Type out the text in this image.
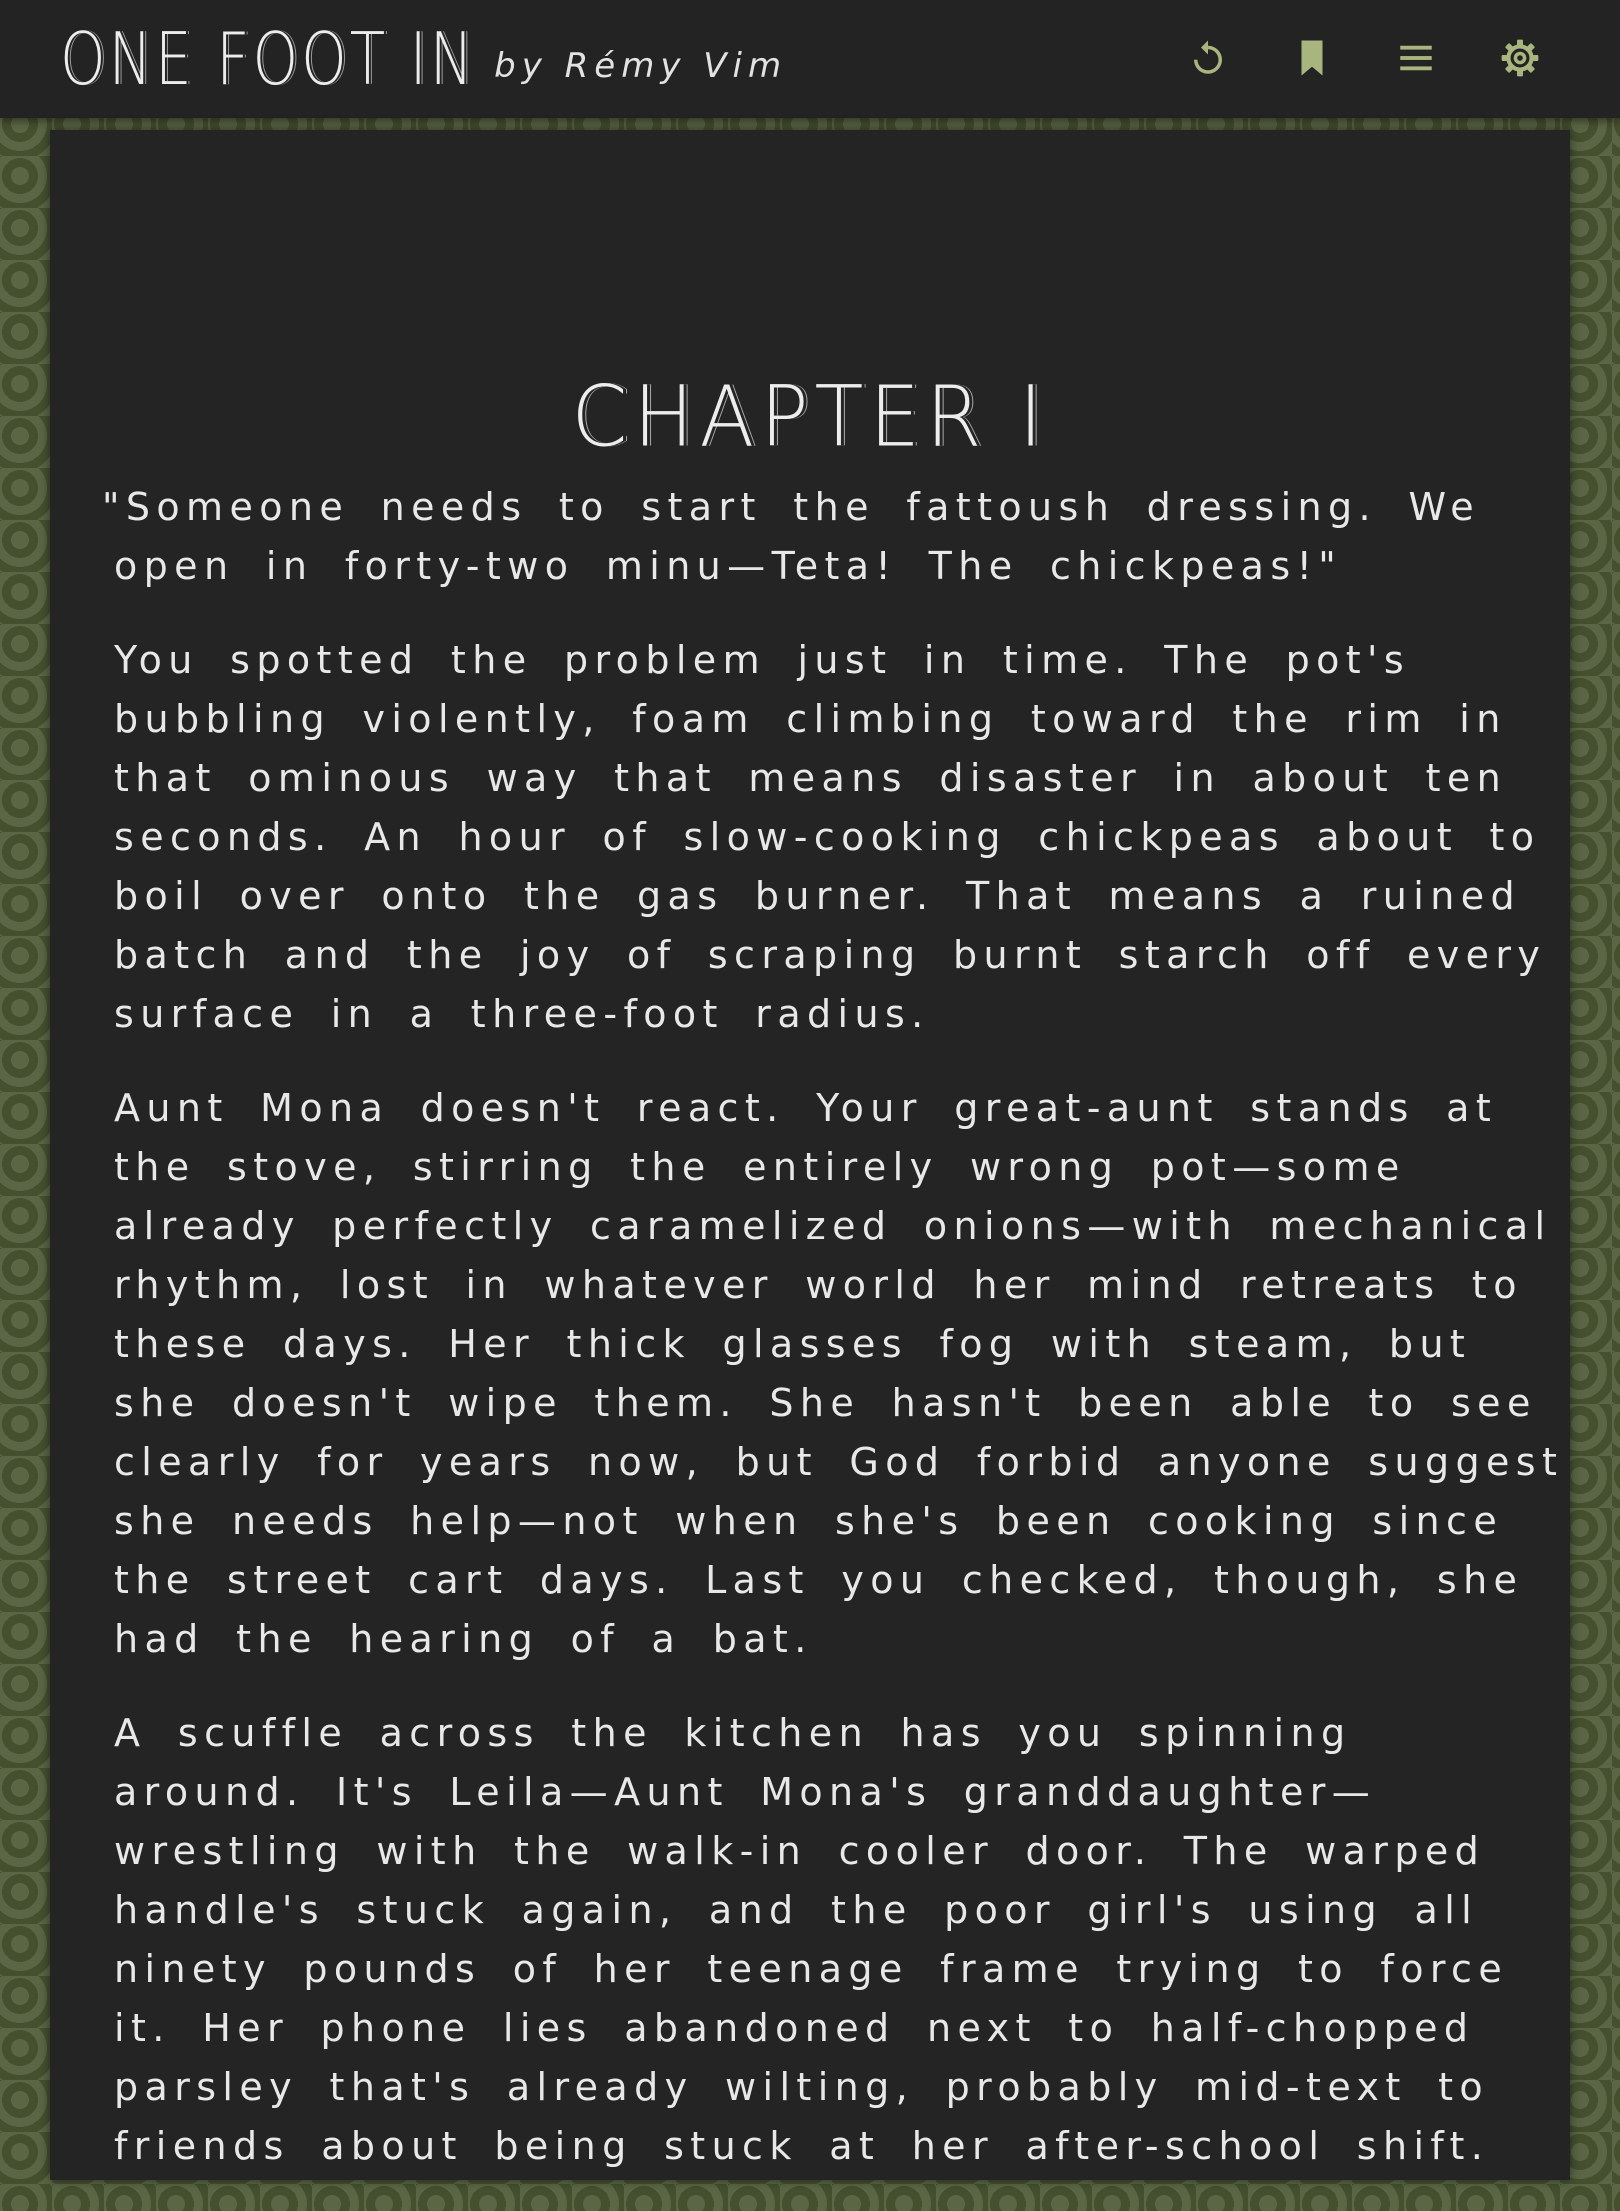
ONE FOOT IN by Rémy Vim
CHAPTER I

"Someone needs to start the fattoush dressing. We open in forty-two minu—Teta! The chickpeas!"

You spotted the problem just in time. The pot's bubbling violently, foam climbing toward the rim in that ominous way that means disaster in about ten seconds. An hour of slow-cooking chickpeas about to boil over onto the gas burner. That means a ruined batch and the joy of scraping burnt starch off every surface in a three-foot radius.

Aunt Mona doesn't react. Your great-aunt stands at the stove, stirring the entirely wrong pot—some already perfectly caramelized onions—with mechanical rhythm, lost in whatever world her mind retreats to these days. Her thick glasses fog with steam, but she doesn't wipe them. She hasn't been able to see clearly for years now, but God forbid anyone suggest she needs help—not when she's been cooking since the street cart days. Last you checked, though, she had the hearing of a bat.

A scuffle across the kitchen has you spinning around. It's Leila—Aunt Mona's granddaughter—wrestling with the walk-in cooler door. The warped handle's stuck again, and the poor girl's using all ninety pounds of her teenage frame trying to force it. Her phone lies abandoned next to half-chopped parsley that's already wilting, probably mid-text to friends about being stuck at her after-school shift.
